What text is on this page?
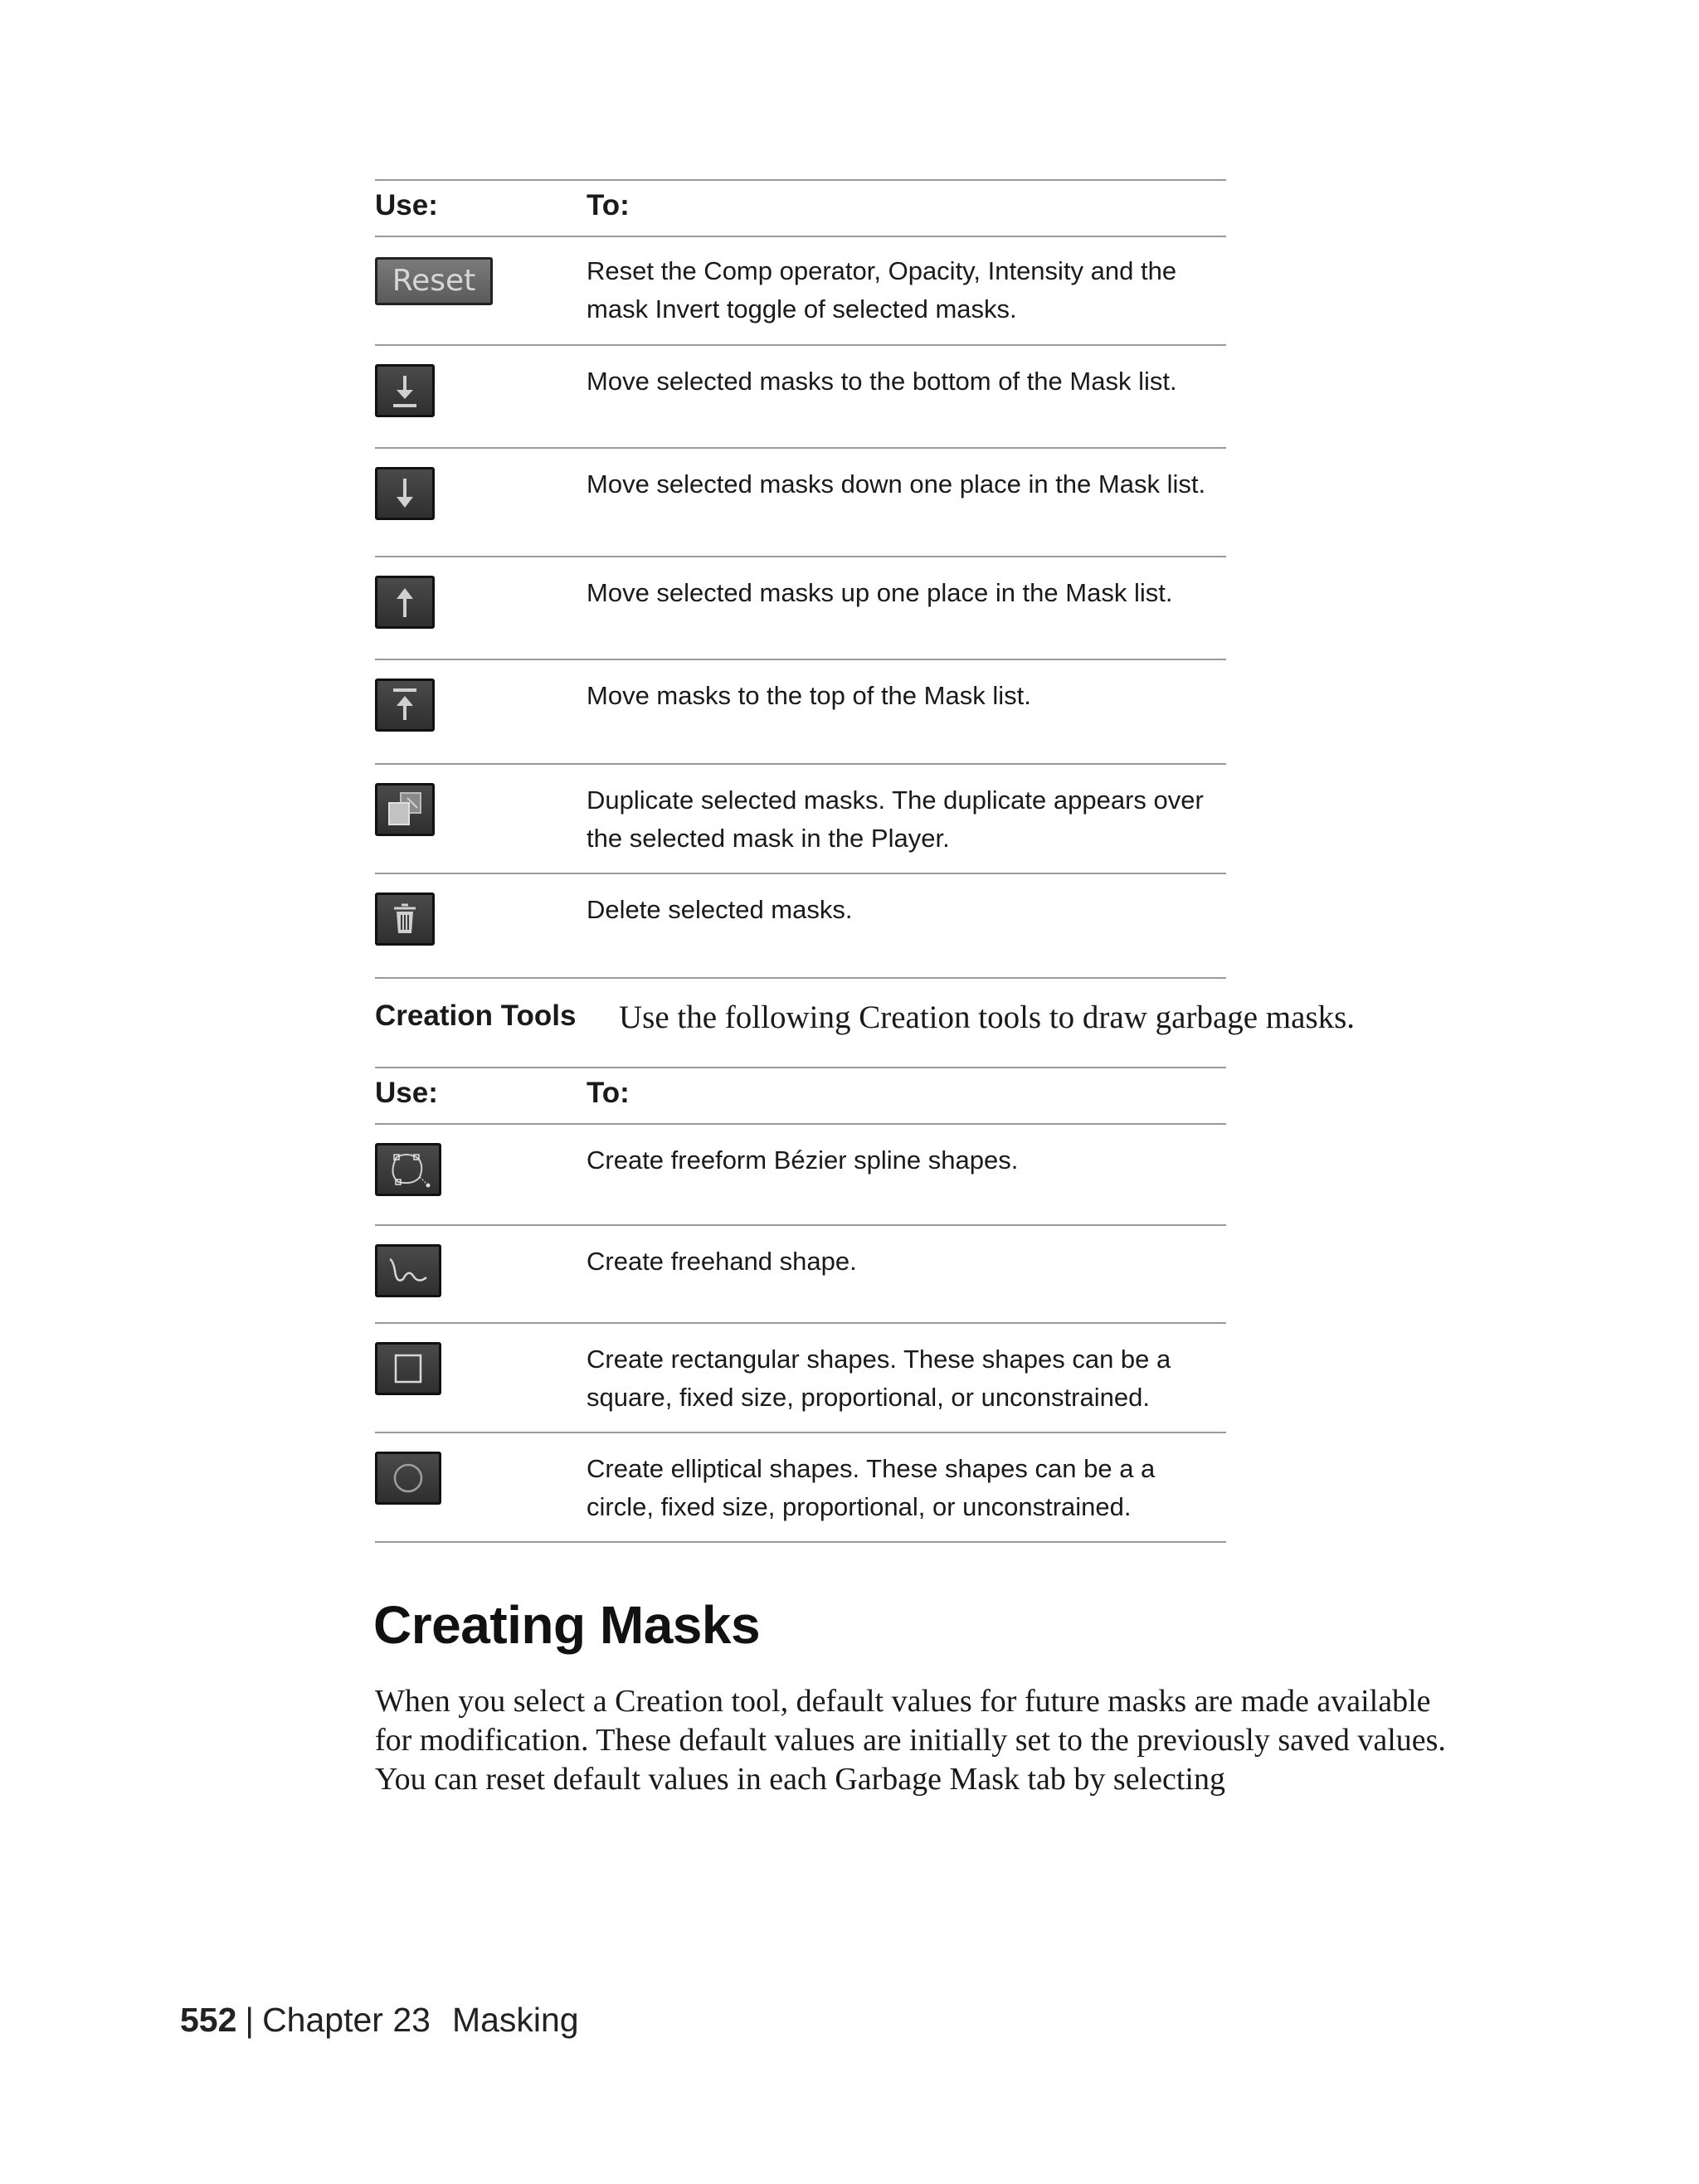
Use:	To:
Reset	Reset the Comp operator, Opacity, Intensity and the mask Invert toggle of selected masks.
Move selected masks to the bottom of the Mask list.
Move selected masks down one place in the Mask list.
Move selected masks up one place in the Mask list.
Move masks to the top of the Mask list.
Duplicate selected masks. The duplicate appears over the selected mask in the Player.
Delete selected masks.
Creation Tools Use the following Creation tools to draw garbage masks.
Use:	To:
Create freeform Bézier spline shapes.
Create freehand shape.
Create rectangular shapes. These shapes can be a square, fixed size, proportional, or unconstrained.
Create elliptical shapes. These shapes can be a a circle, fixed size, proportional, or unconstrained.
Creating Masks
When you select a Creation tool, default values for future masks are made available for modification. These default values are initially set to the previously saved values. You can reset default values in each Garbage Mask tab by selecting
552 | Chapter 23 Masking
